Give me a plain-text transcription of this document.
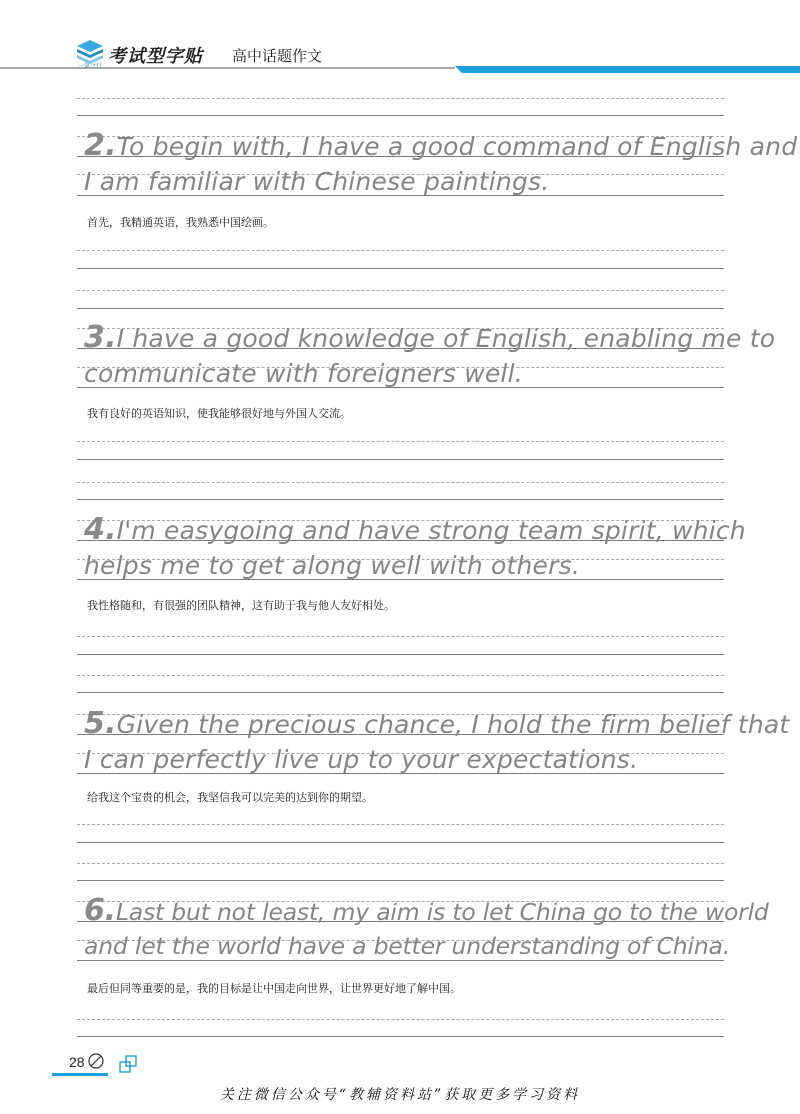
一笔之行 考试型字贴 高中话题作文
2.To begin with, I have a good command of English and
I am familiar with Chinese paintings.
首先，我精通英语，我熟悉中国绘画。
3.I have a good knowledge of English, enabling me to
communicate with foreigners well.
我有良好的英语知识，使我能够很好地与外国人交流。
4.I'm easygoing and have strong team spirit, which
helps me to get along well with others.
我性格随和，有很强的团队精神，这有助于我与他人友好相处。
5.Given the precious chance, I hold the firm belief that
I can perfectly live up to your expectations.
给我这个宝贵的机会，我坚信我可以完美的达到你的期望。
6.Last but not least, my aim is to let China go to the world
and let the world have a better understanding of China.
最后但同等重要的是，我的目标是让中国走向世界，让世界更好地了解中国。
28
关注微信公众号“教辅资料站”获取更多学习资料
